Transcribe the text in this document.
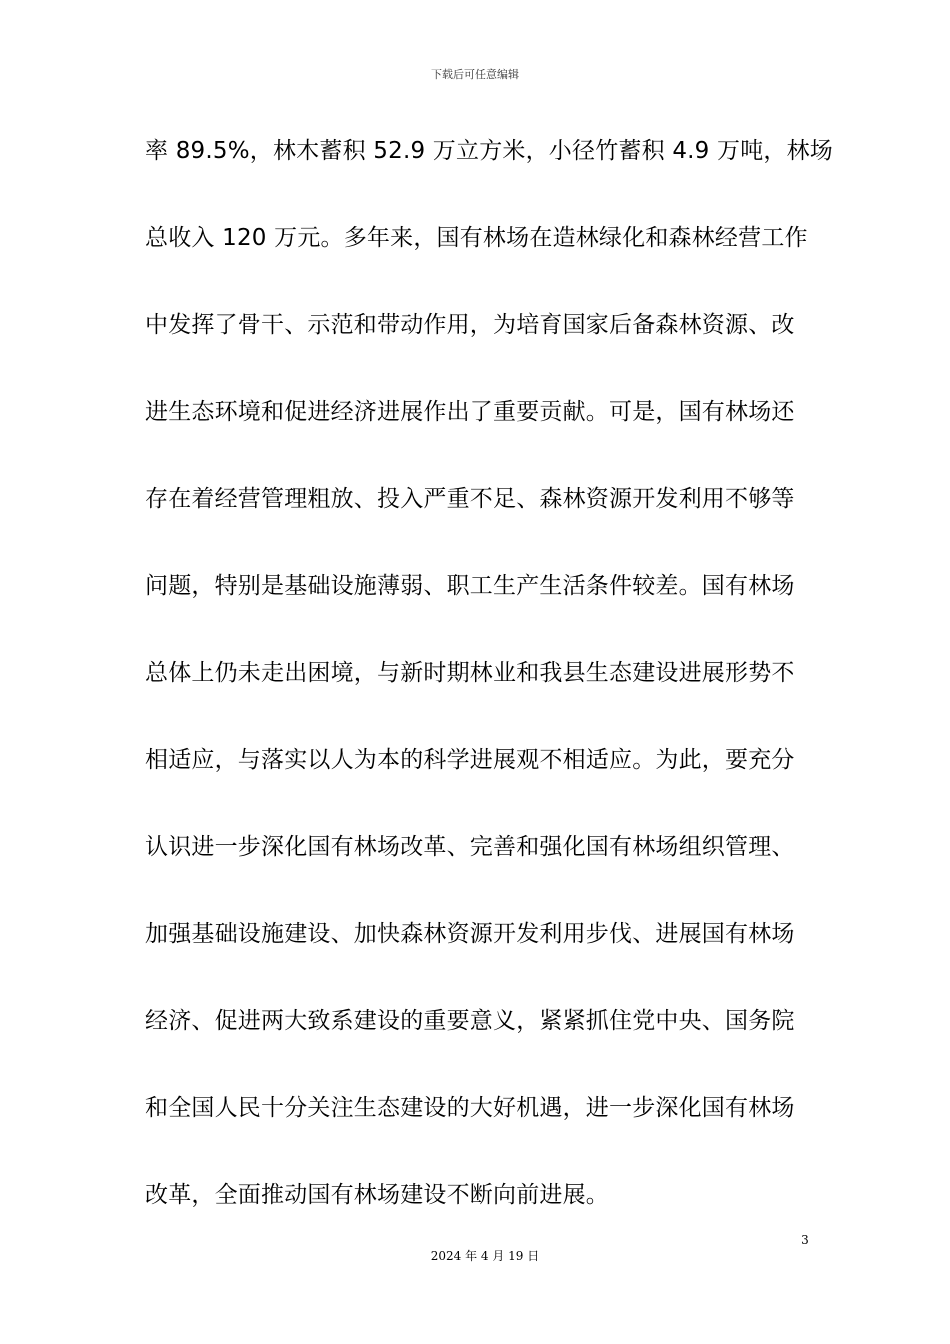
下载后可任意编辑
率 89.5%，林木蓄积 52.9 万立方米，小径竹蓄积 4.9 万吨，林场
总收入 120 万元。多年来，国有林场在造林绿化和森林经营工作
中发挥了骨干、示范和带动作用，为培育国家后备森林资源、改
进生态环境和促进经济进展作出了重要贡献。可是，国有林场还
存在着经营管理粗放、投入严重不足、森林资源开发利用不够等
问题，特别是基础设施薄弱、职工生产生活条件较差。国有林场
总体上仍未走出困境，与新时期林业和我县生态建设进展形势不
相适应，与落实以人为本的科学进展观不相适应。为此，要充分
认识进一步深化国有林场改革、完善和强化国有林场组织管理、
加强基础设施建设、加快森林资源开发利用步伐、进展国有林场
经济、促进两大致系建设的重要意义，紧紧抓住党中央、国务院
和全国人民十分关注生态建设的大好机遇，进一步深化国有林场
改革，全面推动国有林场建设不断向前进展。
3
2024 年 4 月 19 日
